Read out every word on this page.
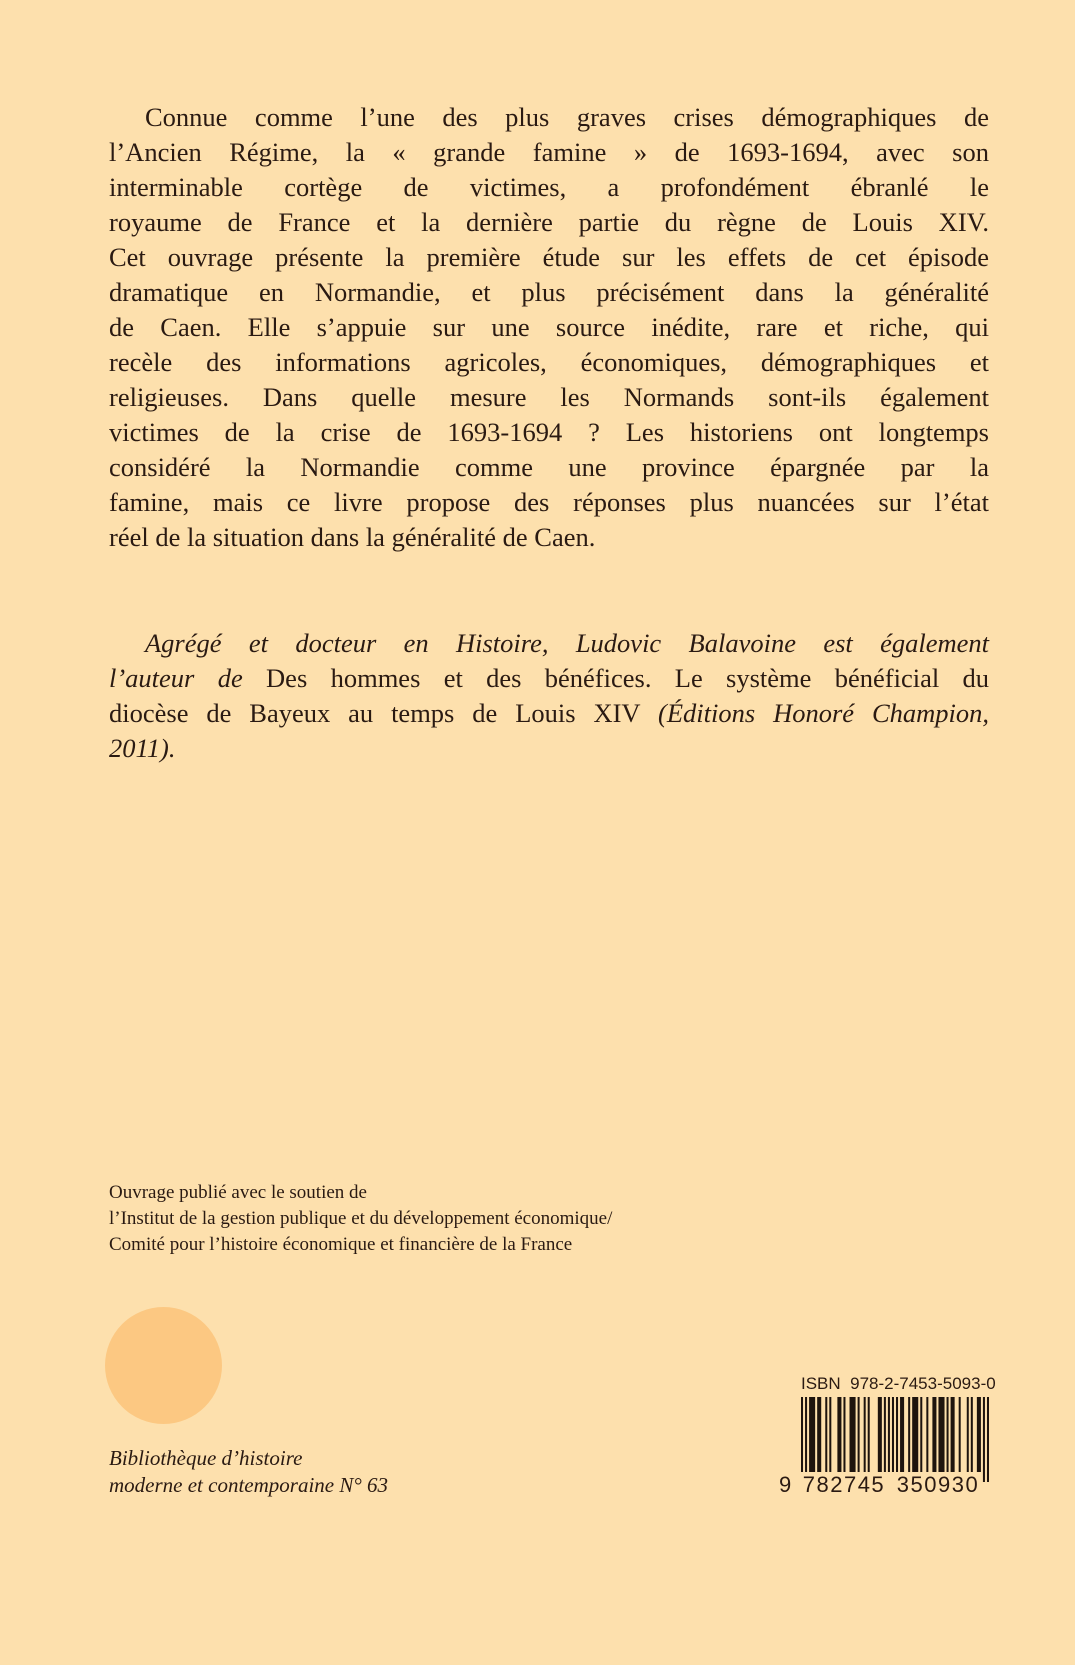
Connue comme l’une des plus graves crises démographiques de
l’Ancien Régime, la « grande famine » de 1693-1694, avec son
interminable cortège de victimes, a profondément ébranlé le
royaume de France et la dernière partie du règne de Louis XIV.
Cet ouvrage présente la première étude sur les effets de cet épisode
dramatique en Normandie, et plus précisément dans la généralité
de Caen. Elle s’appuie sur une source inédite, rare et riche, qui
recèle des informations agricoles, économiques, démographiques et
religieuses. Dans quelle mesure les Normands sont-ils également
victimes de la crise de 1693-1694 ? Les historiens ont longtemps
considéré la Normandie comme une province épargnée par la
famine, mais ce livre propose des réponses plus nuancées sur l’état
réel de la situation dans la généralité de Caen.
Agrégé et docteur en Histoire, Ludovic Balavoine est également
l’auteur de Des hommes et des bénéfices. Le système bénéficial du
diocèse de Bayeux au temps de Louis XIV (Éditions Honoré Champion,
2011).
Ouvrage publié avec le soutien de
l’Institut de la gestion publique et du développement économique/
Comité pour l’histoire économique et financière de la France
Bibliothèque d’histoire
moderne et contemporaine N° 63
ISBN  978-2-7453-5093-0
9 782745 350930
